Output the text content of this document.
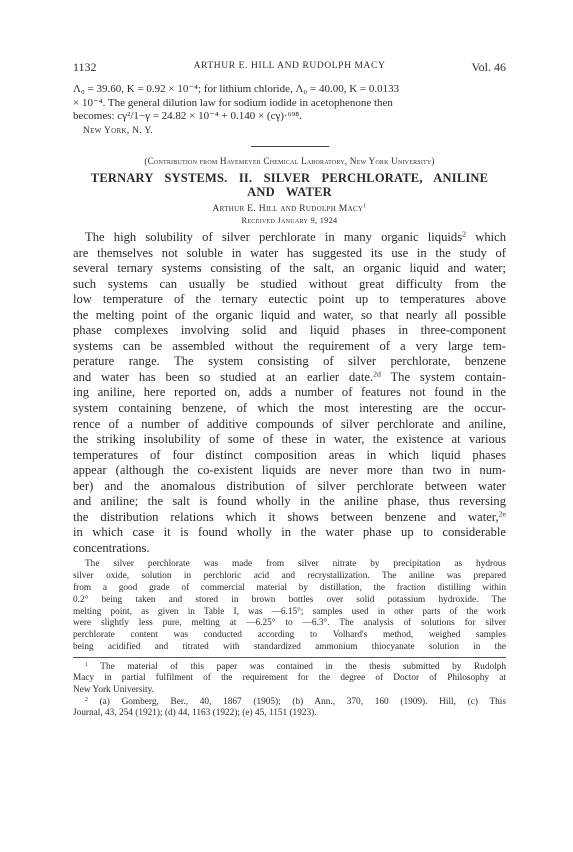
1132	ARTHUR E. HILL AND RUDOLPH MACY	Vol. 46
Λ₀ = 39.60, K = 0.92 × 10⁻⁴; for lithium chloride, Λ₀ = 40.00, K = 0.0133
× 10⁻⁴. The general dilution law for sodium iodide in acetophenone then
becomes: cγ²/1−γ = 24.82 × 10⁻⁴ + 0.140 × (cγ)·⁶⁹⁸.
New York, N. Y.
(Contribution from Havemeyer Chemical Laboratory, New York University)
TERNARY SYSTEMS. II. SILVER PERCHLORATE, ANILINE
AND WATER
Arthur E. Hill and Rudolph Macy$^1$
Received January 9, 1924
The high solubility of silver perchlorate in many organic liquids$^2$ which
are themselves not soluble in water has suggested its use in the study of
several ternary systems consisting of the salt, an organic liquid and water;
such systems can usually be studied without great difficulty from the
low temperature of the ternary eutectic point up to temperatures above
the melting point of the organic liquid and water, so that nearly all possible
phase complexes involving solid and liquid phases in three-component
systems can be assembled without the requirement of a very large tem-
perature range. The system consisting of silver perchlorate, benzene
and water has been so studied at an earlier date.$^{2d}$ The system contain-
ing aniline, here reported on, adds a number of features not found in the
system containing benzene, of which the most interesting are the occur-
rence of a number of additive compounds of silver perchlorate and aniline,
the striking insolubility of some of these in water, the existence at various
temperatures of four distinct composition areas in which liquid phases
appear (although the co-existent liquids are never more than two in num-
ber) and the anomalous distribution of silver perchlorate between water
and aniline; the salt is found wholly in the aniline phase, thus reversing
the distribution relations which it shows between benzene and water,$^{2e}$
in which case it is found wholly in the water phase up to considerable
concentrations.
The silver perchlorate was made from silver nitrate by precipitation as hydrous
silver oxide, solution in perchloric acid and recrystallization. The aniline was prepared
from a good grade of commercial material by distillation, the fraction distilling within
0.2° being taken and stored in brown bottles over solid potassium hydroxide. The
melting point, as given in Table I, was —6.15°; samples used in other parts of the work
were slightly less pure, melting at —6.25° to —6.3°. The analysis of solutions for silver
perchlorate content was conducted according to Volhard's method, weighed samples
being acidified and titrated with standardized ammonium thiocyanate solution in the
$^1$ The material of this paper was contained in the thesis submitted by Rudolph
Macy in partial fulfilment of the requirement for the degree of Doctor of Philosophy at
New York University.
$^2$ (a) Gomberg, Ber., 40, 1867 (1905); (b) Ann., 370, 160 (1909). Hill, (c) This
Journal, 43, 254 (1921); (d) 44, 1163 (1922); (e) 45, 1151 (1923).
